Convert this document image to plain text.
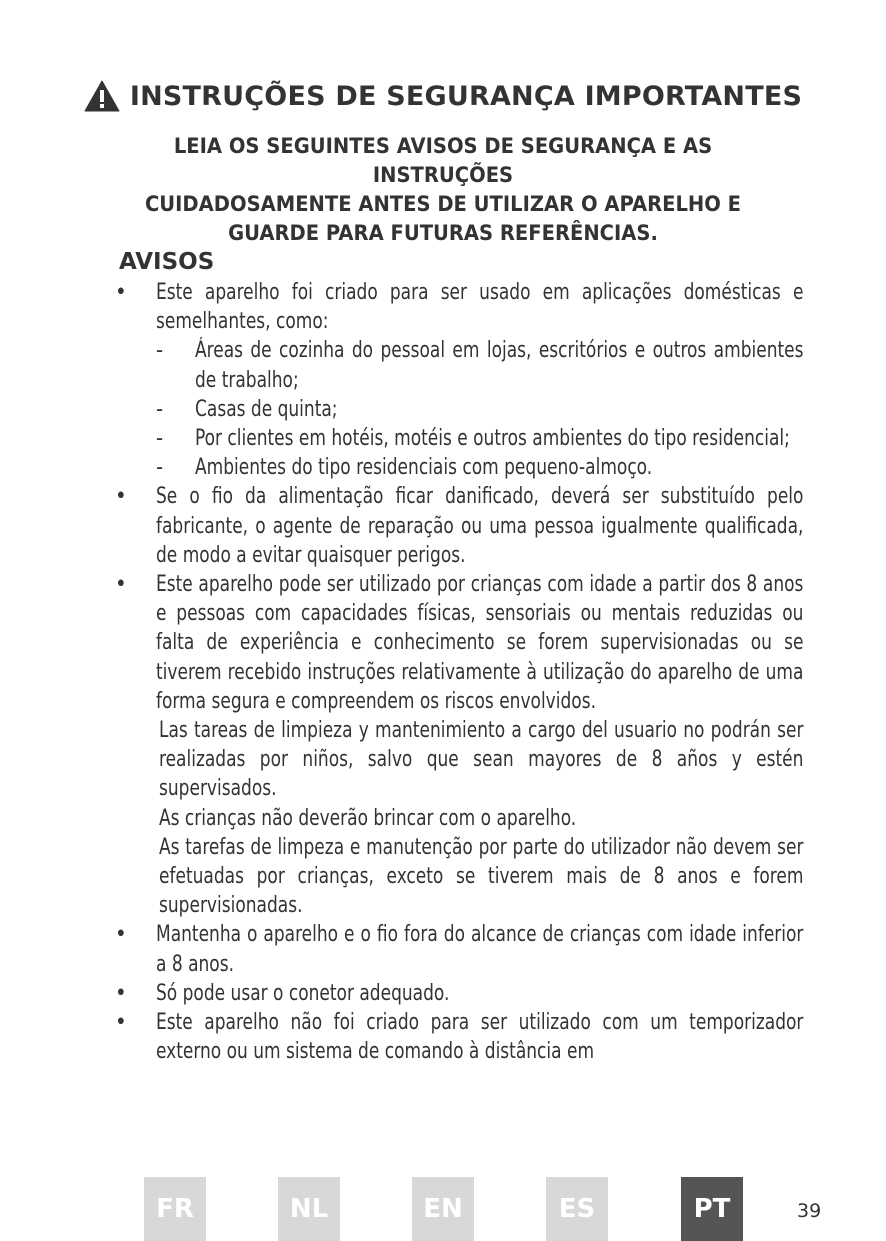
INSTRUÇÕES DE SEGURANÇA IMPORTANTES
LEIA OS SEGUINTES AVISOS DE SEGURANÇA E AS INSTRUÇÕES
CUIDADOSAMENTE ANTES DE UTILIZAR O APARELHO E
GUARDE PARA FUTURAS REFERÊNCIAS.
AVISOS
•	Este aparelho foi criado para ser usado em aplicações domésticas e semelhantes, como:
-	Áreas de cozinha do pessoal em lojas, escritórios e outros ambientes de trabalho;
-	Casas de quinta;
-	Por clientes em hotéis, motéis e outros ambientes do tipo residencial;
-	Ambientes do tipo residenciais com pequeno-almoço.
•	Se o fio da alimentação ficar danificado, deverá ser substituído pelo fabricante, o agente de reparação ou uma pessoa igualmente qualificada, de modo a evitar quaisquer perigos.
•	Este aparelho pode ser utilizado por crianças com idade a partir dos 8 anos e pessoas com capacidades físicas, sensoriais ou mentais reduzidas ou falta de experiência e conhecimento se forem supervisionadas ou se tiverem recebido instruções relativamente à utilização do aparelho de uma forma segura e compreendem os riscos envolvidos.
Las tareas de limpieza y mantenimiento a cargo del usuario no podrán ser realizadas por niños, salvo que sean mayores de 8 años y estén supervisados.
As crianças não deverão brincar com o aparelho.
As tarefas de limpeza e manutenção por parte do utilizador não devem ser efetuadas por crianças, exceto se tiverem mais de 8 anos e forem supervisionadas.
•	Mantenha o aparelho e o fio fora do alcance de crianças com idade inferior a 8 anos.
•	Só pode usar o conetor adequado.
•	Este aparelho não foi criado para ser utilizado com um temporizador externo ou um sistema de comando à distância em
FR	NL	EN	ES	PT	39
